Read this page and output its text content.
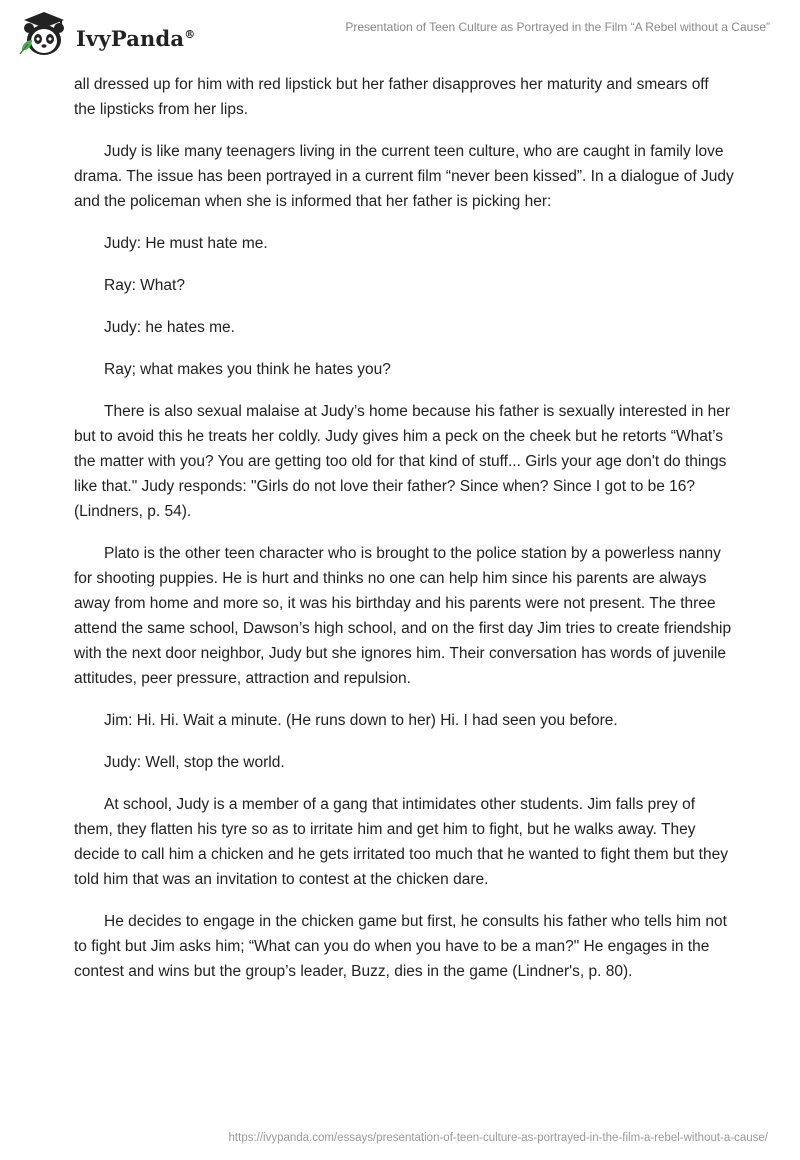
IvyPanda®	Presentation of Teen Culture as Portrayed in the Film “A Rebel without a Cause”

all dressed up for him with red lipstick but her father disapproves her maturity and smears off the lipsticks from her lips.

Judy is like many teenagers living in the current teen culture, who are caught in family love drama. The issue has been portrayed in a current film “never been kissed”. In a dialogue of Judy and the policeman when she is informed that her father is picking her:

Judy: He must hate me.

Ray: What?

Judy: he hates me.

Ray; what makes you think he hates you?

There is also sexual malaise at Judy’s home because his father is sexually interested in her but to avoid this he treats her coldly. Judy gives him a peck on the cheek but he retorts “What’s the matter with you? You are getting too old for that kind of stuff... Girls your age don't do things like that." Judy responds: "Girls do not love their father? Since when? Since I got to be 16? (Lindners, p. 54).

Plato is the other teen character who is brought to the police station by a powerless nanny for shooting puppies. He is hurt and thinks no one can help him since his parents are always away from home and more so, it was his birthday and his parents were not present. The three attend the same school, Dawson’s high school, and on the first day Jim tries to create friendship with the next door neighbor, Judy but she ignores him. Their conversation has words of juvenile attitudes, peer pressure, attraction and repulsion.

Jim: Hi. Hi. Wait a minute. (He runs down to her) Hi. I had seen you before.

Judy: Well, stop the world.

At school, Judy is a member of a gang that intimidates other students. Jim falls prey of them, they flatten his tyre so as to irritate him and get him to fight, but he walks away. They decide to call him a chicken and he gets irritated too much that he wanted to fight them but they told him that was an invitation to contest at the chicken dare.

He decides to engage in the chicken game but first, he consults his father who tells him not to fight but Jim asks him; “What can you do when you have to be a man?" He engages in the contest and wins but the group’s leader, Buzz, dies in the game (Lindner's, p. 80).

https://ivypanda.com/essays/presentation-of-teen-culture-as-portrayed-in-the-film-a-rebel-without-a-cause/
